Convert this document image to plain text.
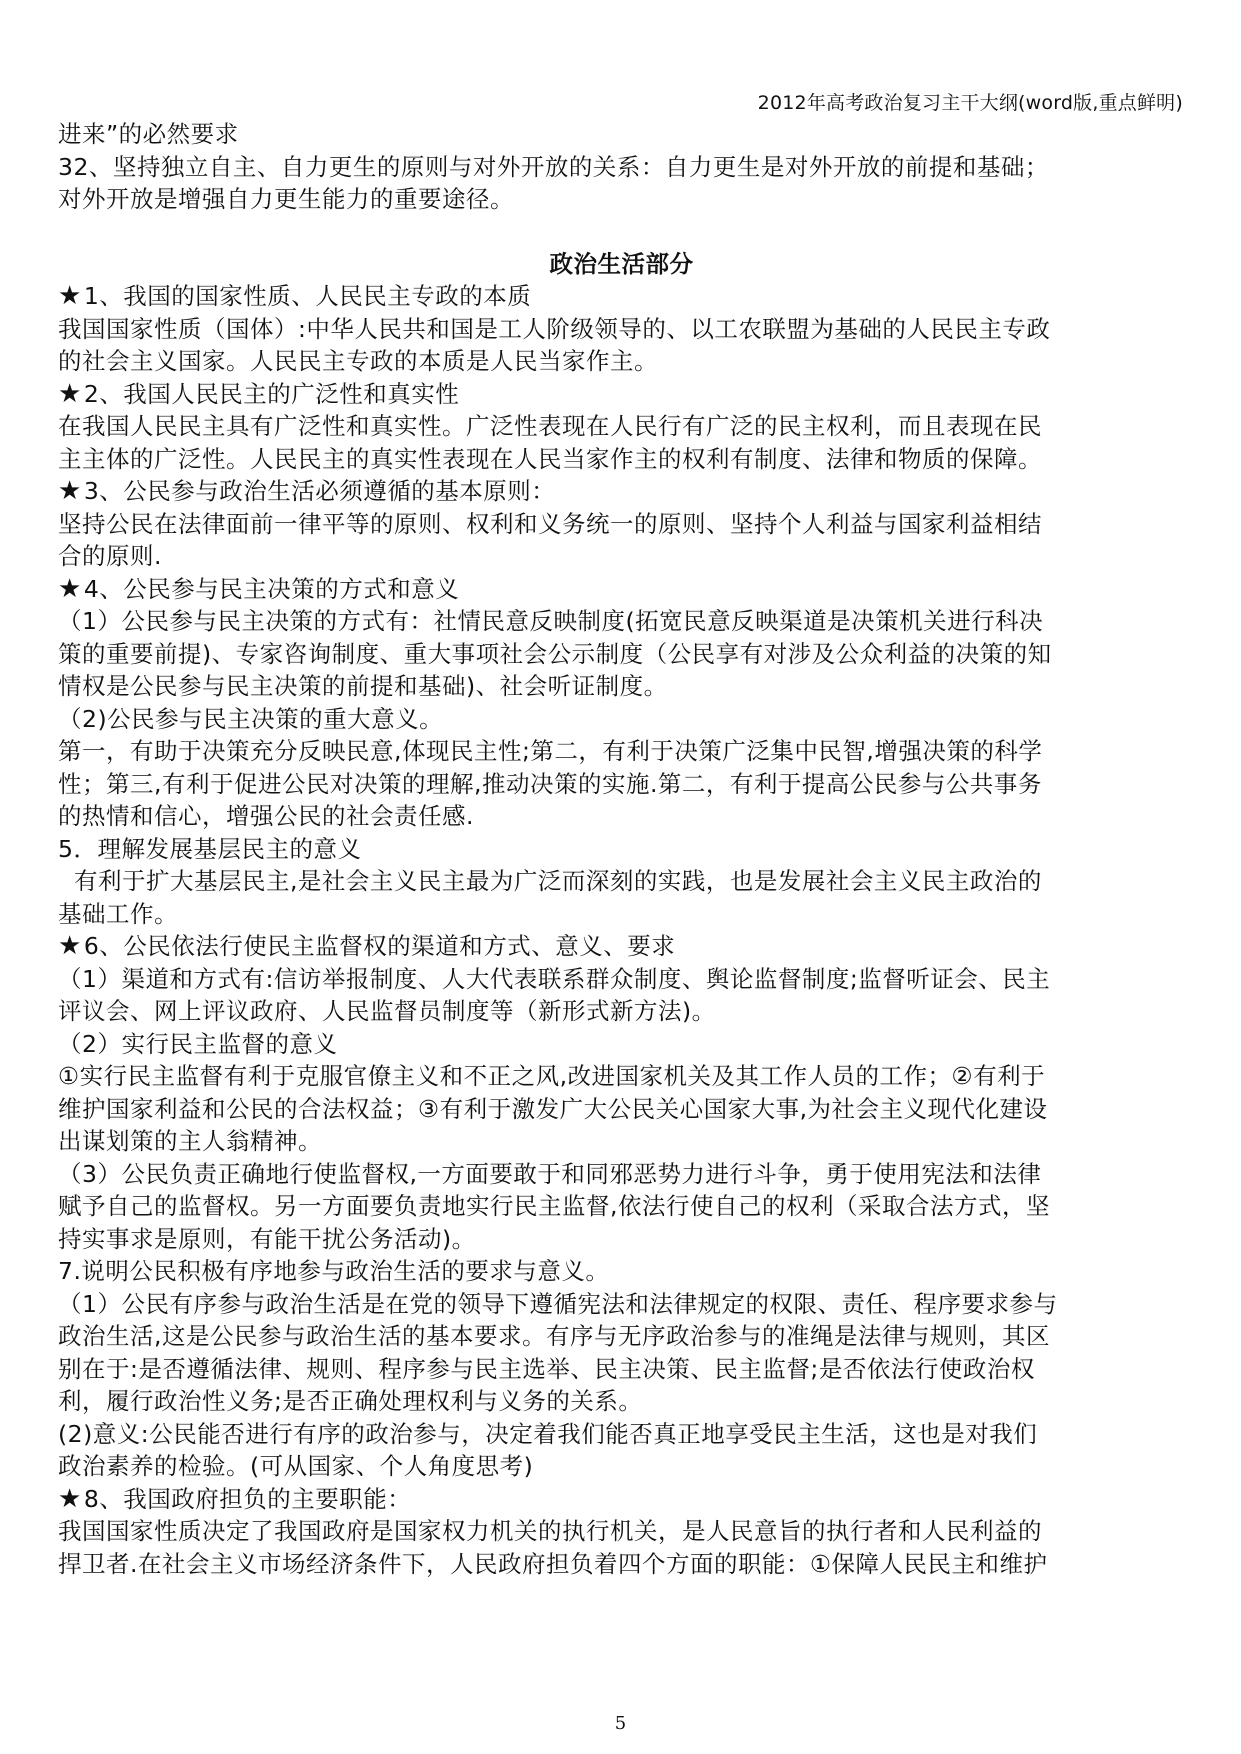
2012年高考政治复习主干大纲(word版,重点鲜明)
进来”的必然要求
32、坚持独立自主、自力更生的原则与对外开放的关系：自力更生是对外开放的前提和基础；
对外开放是增强自力更生能力的重要途径。
政治生活部分
★1、我国的国家性质、人民民主专政的本质
我国国家性质（国体）:中华人民共和国是工人阶级领导的、以工农联盟为基础的人民民主专政
的社会主义国家。人民民主专政的本质是人民当家作主。
★2、我国人民民主的广泛性和真实性
在我国人民民主具有广泛性和真实性。广泛性表现在人民行有广泛的民主权利，而且表现在民
主主体的广泛性。人民民主的真实性表现在人民当家作主的权利有制度、法律和物质的保障。
★3、公民参与政治生活必须遵循的基本原则：
坚持公民在法律面前一律平等的原则、权利和义务统一的原则、坚持个人利益与国家利益相结
合的原则.
★4、公民参与民主决策的方式和意义
（1）公民参与民主决策的方式有：社情民意反映制度(拓宽民意反映渠道是决策机关进行科决
策的重要前提)、专家咨询制度、重大事项社会公示制度（公民享有对涉及公众利益的决策的知
情权是公民参与民主决策的前提和基础)、社会听证制度。
（2)公民参与民主决策的重大意义。
第一，有助于决策充分反映民意,体现民主性;第二，有利于决策广泛集中民智,增强决策的科学
性；第三,有利于促进公民对决策的理解,推动决策的实施.第二，有利于提高公民参与公共事务
的热情和信心，增强公民的社会责任感.
5．理解发展基层民主的意义
有利于扩大基层民主,是社会主义民主最为广泛而深刻的实践，也是发展社会主义民主政治的
基础工作。
★6、公民依法行使民主监督权的渠道和方式、意义、要求
（1）渠道和方式有:信访举报制度、人大代表联系群众制度、舆论监督制度;监督听证会、民主
评议会、网上评议政府、人民监督员制度等（新形式新方法)。
（2）实行民主监督的意义
①实行民主监督有利于克服官僚主义和不正之风,改进国家机关及其工作人员的工作；②有利于
维护国家利益和公民的合法权益；③有利于激发广大公民关心国家大事,为社会主义现代化建设
出谋划策的主人翁精神。
（3）公民负责正确地行使监督权,一方面要敢于和同邪恶势力进行斗争，勇于使用宪法和法律
赋予自己的监督权。另一方面要负责地实行民主监督,依法行使自己的权利（采取合法方式，坚
持实事求是原则，有能干扰公务活动)。
7.说明公民积极有序地参与政治生活的要求与意义。
（1）公民有序参与政治生活是在党的领导下遵循宪法和法律规定的权限、责任、程序要求参与
政治生活,这是公民参与政治生活的基本要求。有序与无序政治参与的准绳是法律与规则，其区
别在于:是否遵循法律、规则、程序参与民主选举、民主决策、民主监督;是否依法行使政治权
利，履行政治性义务;是否正确处理权利与义务的关系。
(2)意义:公民能否进行有序的政治参与，决定着我们能否真正地享受民主生活，这也是对我们
政治素养的检验。(可从国家、个人角度思考)
★8、我国政府担负的主要职能：
我国国家性质决定了我国政府是国家权力机关的执行机关，是人民意旨的执行者和人民利益的
捍卫者.在社会主义市场经济条件下，人民政府担负着四个方面的职能：①保障人民民主和维护
5
